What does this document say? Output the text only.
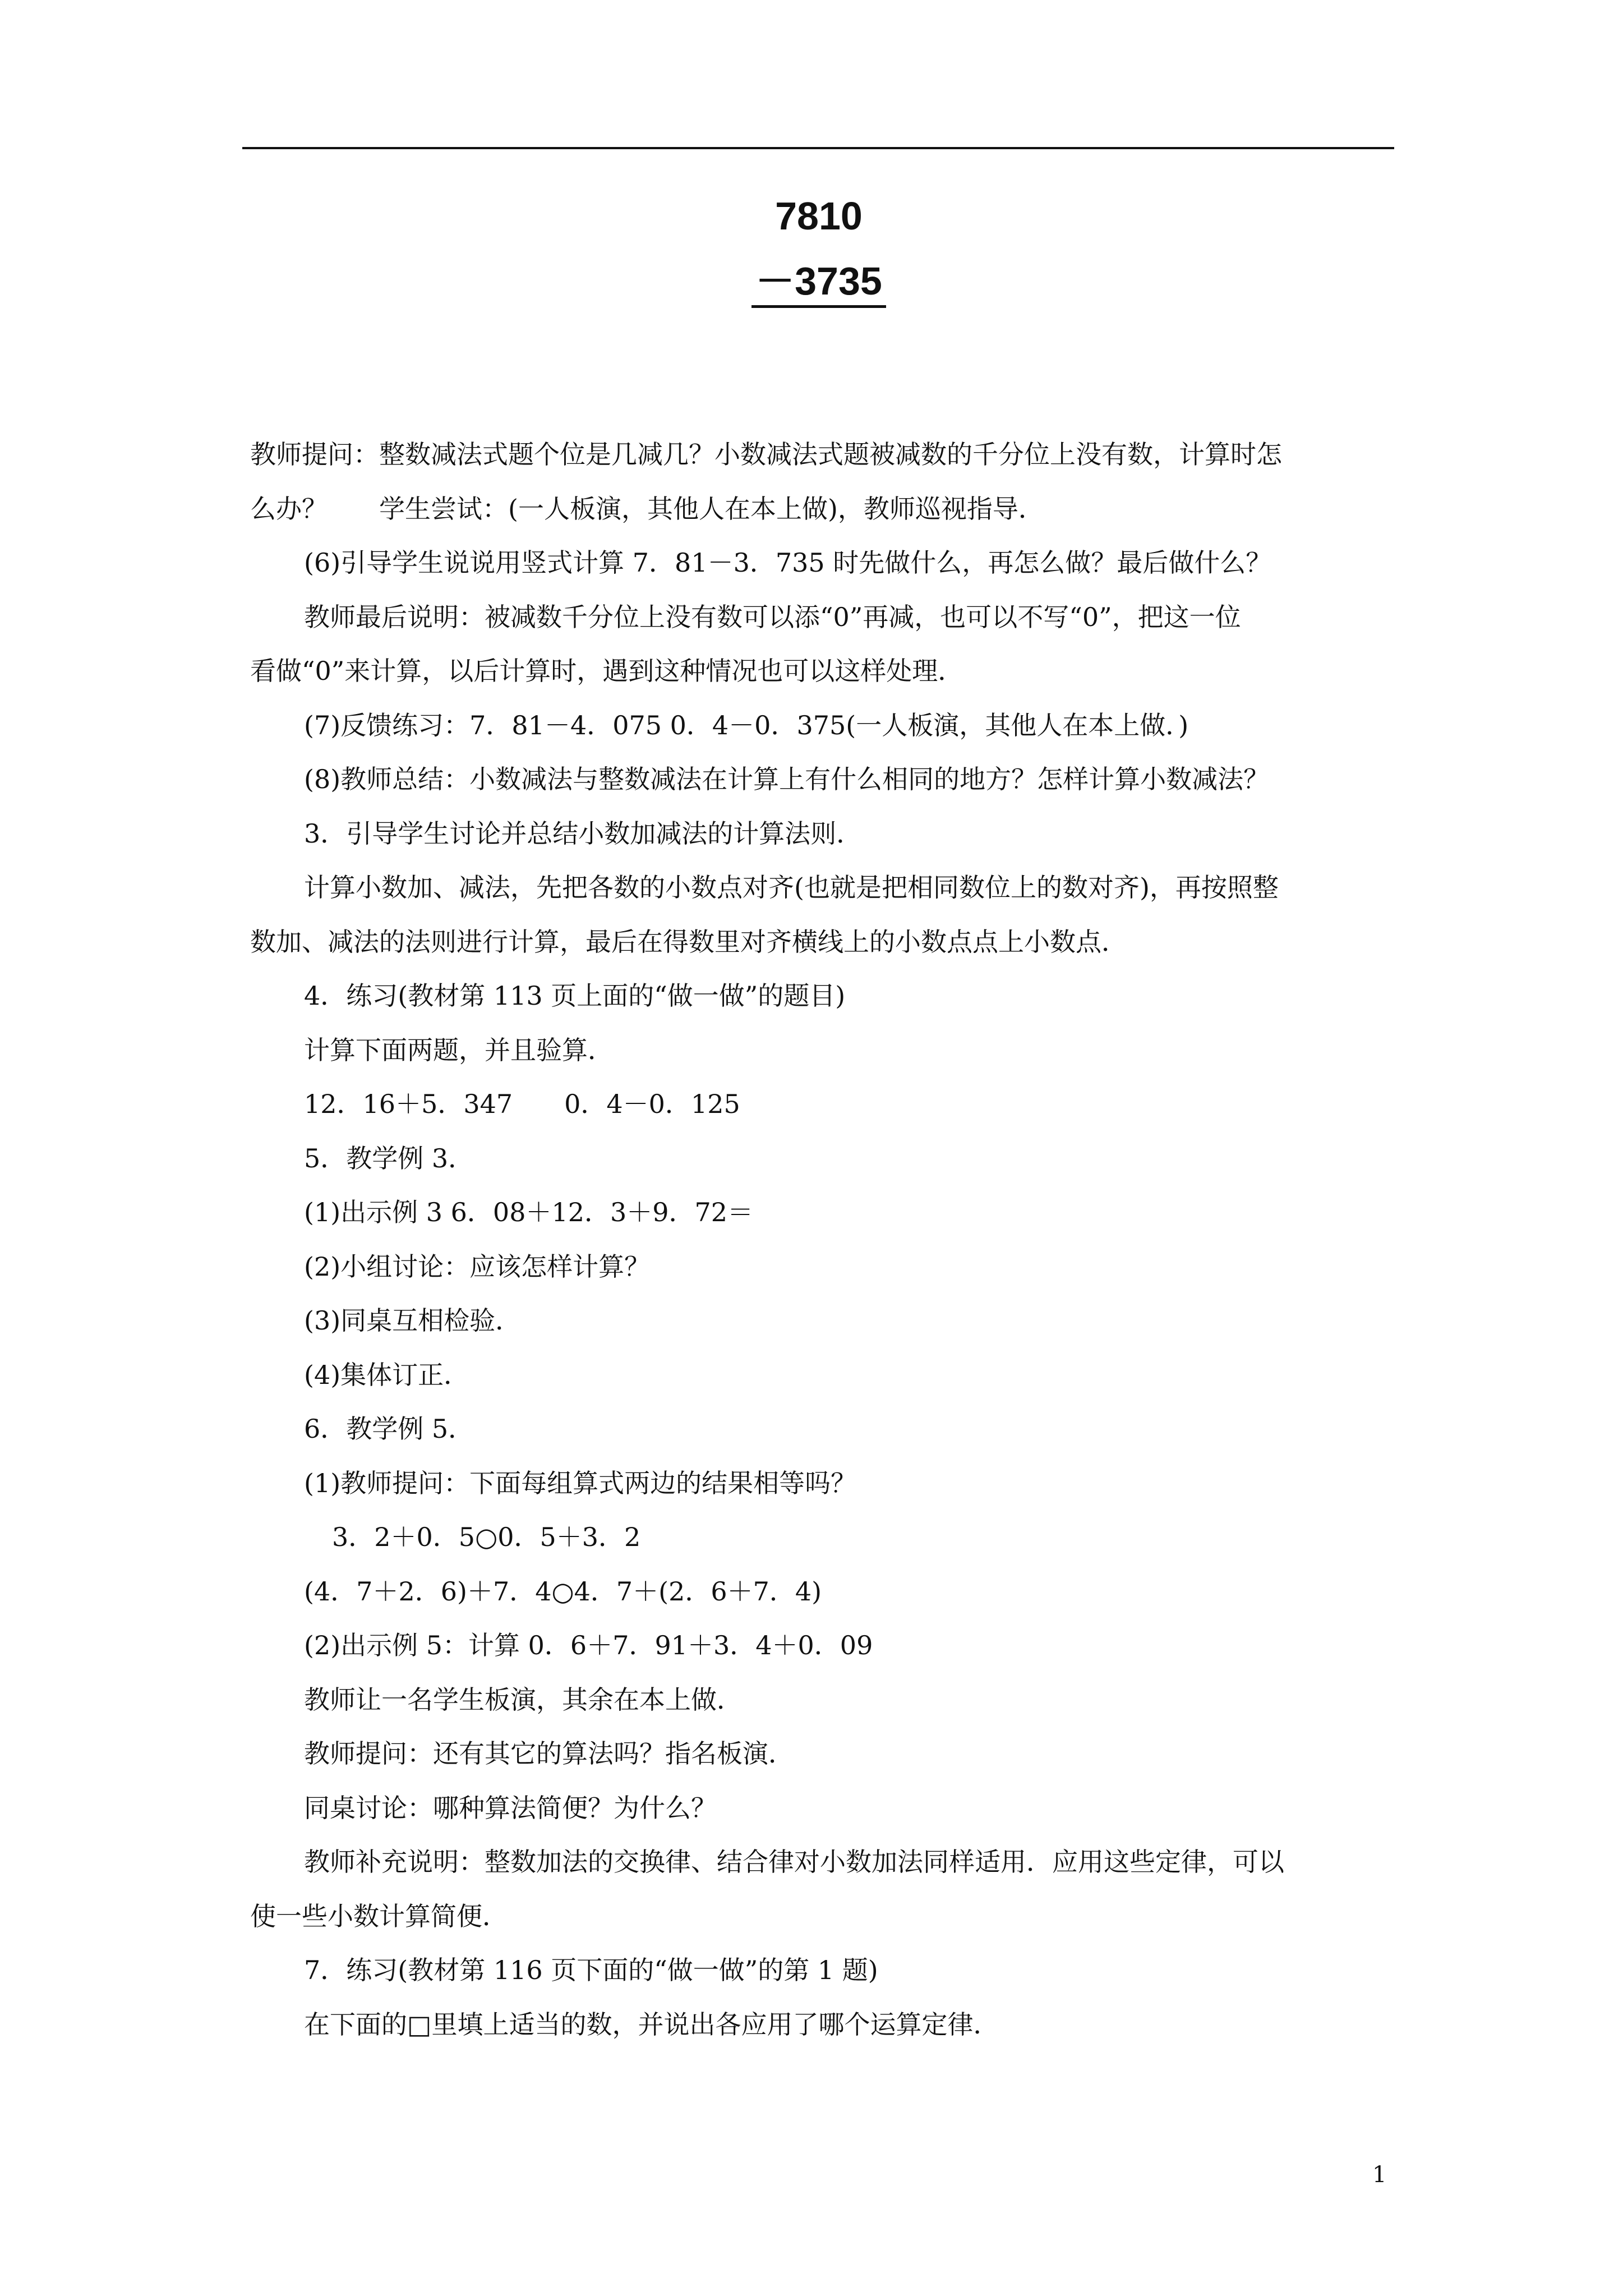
7810
－3735

教师提问：整数减法式题个位是几减几？小数减法式题被减数的千分位上没有数，计算时怎

么办？　　学生尝试：(一人板演，其他人在本上做)，教师巡视指导．

(6)引导学生说说用竖式计算 7．81－3．735 时先做什么，再怎么做？最后做什么？

教师最后说明：被减数千分位上没有数可以添“0”再减，也可以不写“0”，把这一位

看做“0”来计算，以后计算时，遇到这种情况也可以这样处理．

(7)反馈练习：7．81－4．075 0．4－0．375(一人板演，其他人在本上做．)

(8)教师总结：小数减法与整数减法在计算上有什么相同的地方？怎样计算小数减法？

3．引导学生讨论并总结小数加减法的计算法则．

计算小数加、减法，先把各数的小数点对齐(也就是把相同数位上的数对齐)，再按照整

数加、减法的法则进行计算，最后在得数里对齐横线上的小数点点上小数点．

4．练习(教材第 113 页上面的“做一做”的题目)

计算下面两题，并且验算．

12．16＋5．347　　0．4－0．125

5．教学例 3．

(1)出示例 3 6．08＋12．3＋9．72＝

(2)小组讨论：应该怎样计算？

(3)同桌互相检验．

(4)集体订正．

6．教学例 5．

(1)教师提问：下面每组算式两边的结果相等吗？

3．2＋0．5○0．5＋3．2

(4．7＋2．6)＋7．4○4．7＋(2．6＋7．4)

(2)出示例 5：计算 0．6＋7．91＋3．4＋0．09

教师让一名学生板演，其余在本上做．

教师提问：还有其它的算法吗？指名板演．

同桌讨论：哪种算法简便？为什么？

教师补充说明：整数加法的交换律、结合律对小数加法同样适用．应用这些定律，可以

使一些小数计算简便．

7．练习(教材第 116 页下面的“做一做”的第 1 题)

在下面的□里填上适当的数，并说出各应用了哪个运算定律．

1
